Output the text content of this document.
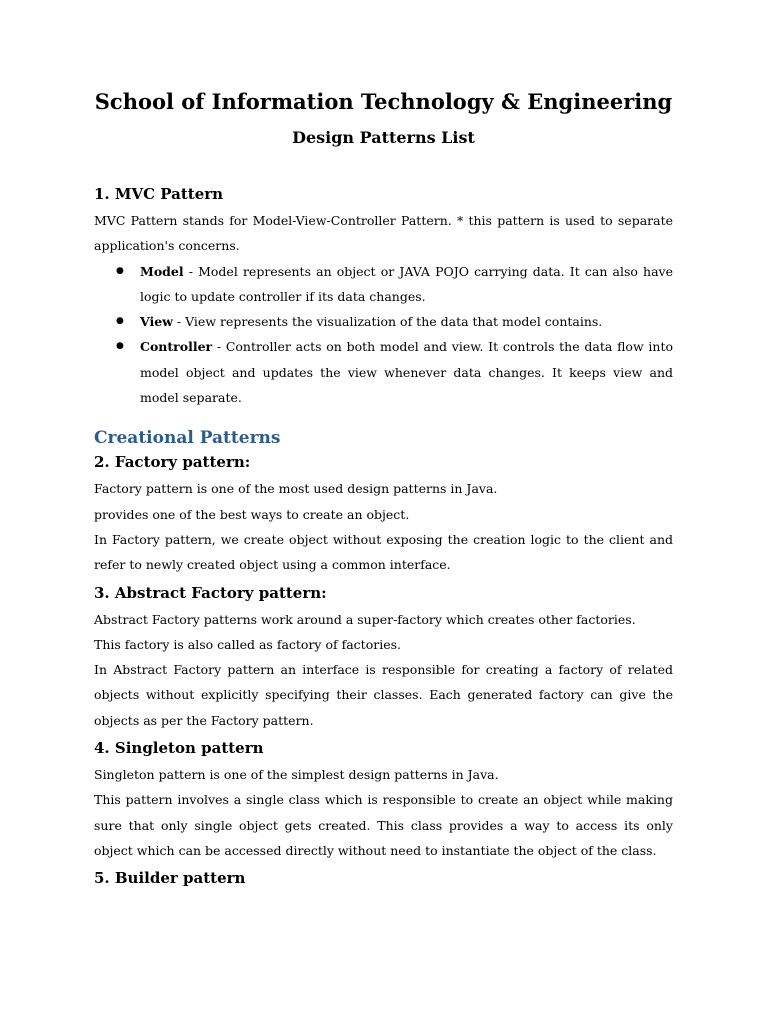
School of Information Technology & Engineering
Design Patterns List
1. MVC Pattern

MVC Pattern stands for Model-View-Controller Pattern. * this pattern is used to separate application's concerns.

● Model - Model represents an object or JAVA POJO carrying data. It can also have logic to update controller if its data changes.
● View - View represents the visualization of the data that model contains.
● Controller - Controller acts on both model and view. It controls the data flow into model object and updates the view whenever data changes. It keeps view and model separate.
Creational Patterns
2. Factory pattern:

Factory pattern is one of the most used design patterns in Java.

provides one of the best ways to create an object.

In Factory pattern, we create object without exposing the creation logic to the client and refer to newly created object using a common interface.

3. Abstract Factory pattern:

Abstract Factory patterns work around a super-factory which creates other factories.

This factory is also called as factory of factories.

In Abstract Factory pattern an interface is responsible for creating a factory of related objects without explicitly specifying their classes. Each generated factory can give the objects as per the Factory pattern.

4. Singleton pattern

Singleton pattern is one of the simplest design patterns in Java.

This pattern involves a single class which is responsible to create an object while making sure that only single object gets created. This class provides a way to access its only object which can be accessed directly without need to instantiate the object of the class.

5. Builder pattern
